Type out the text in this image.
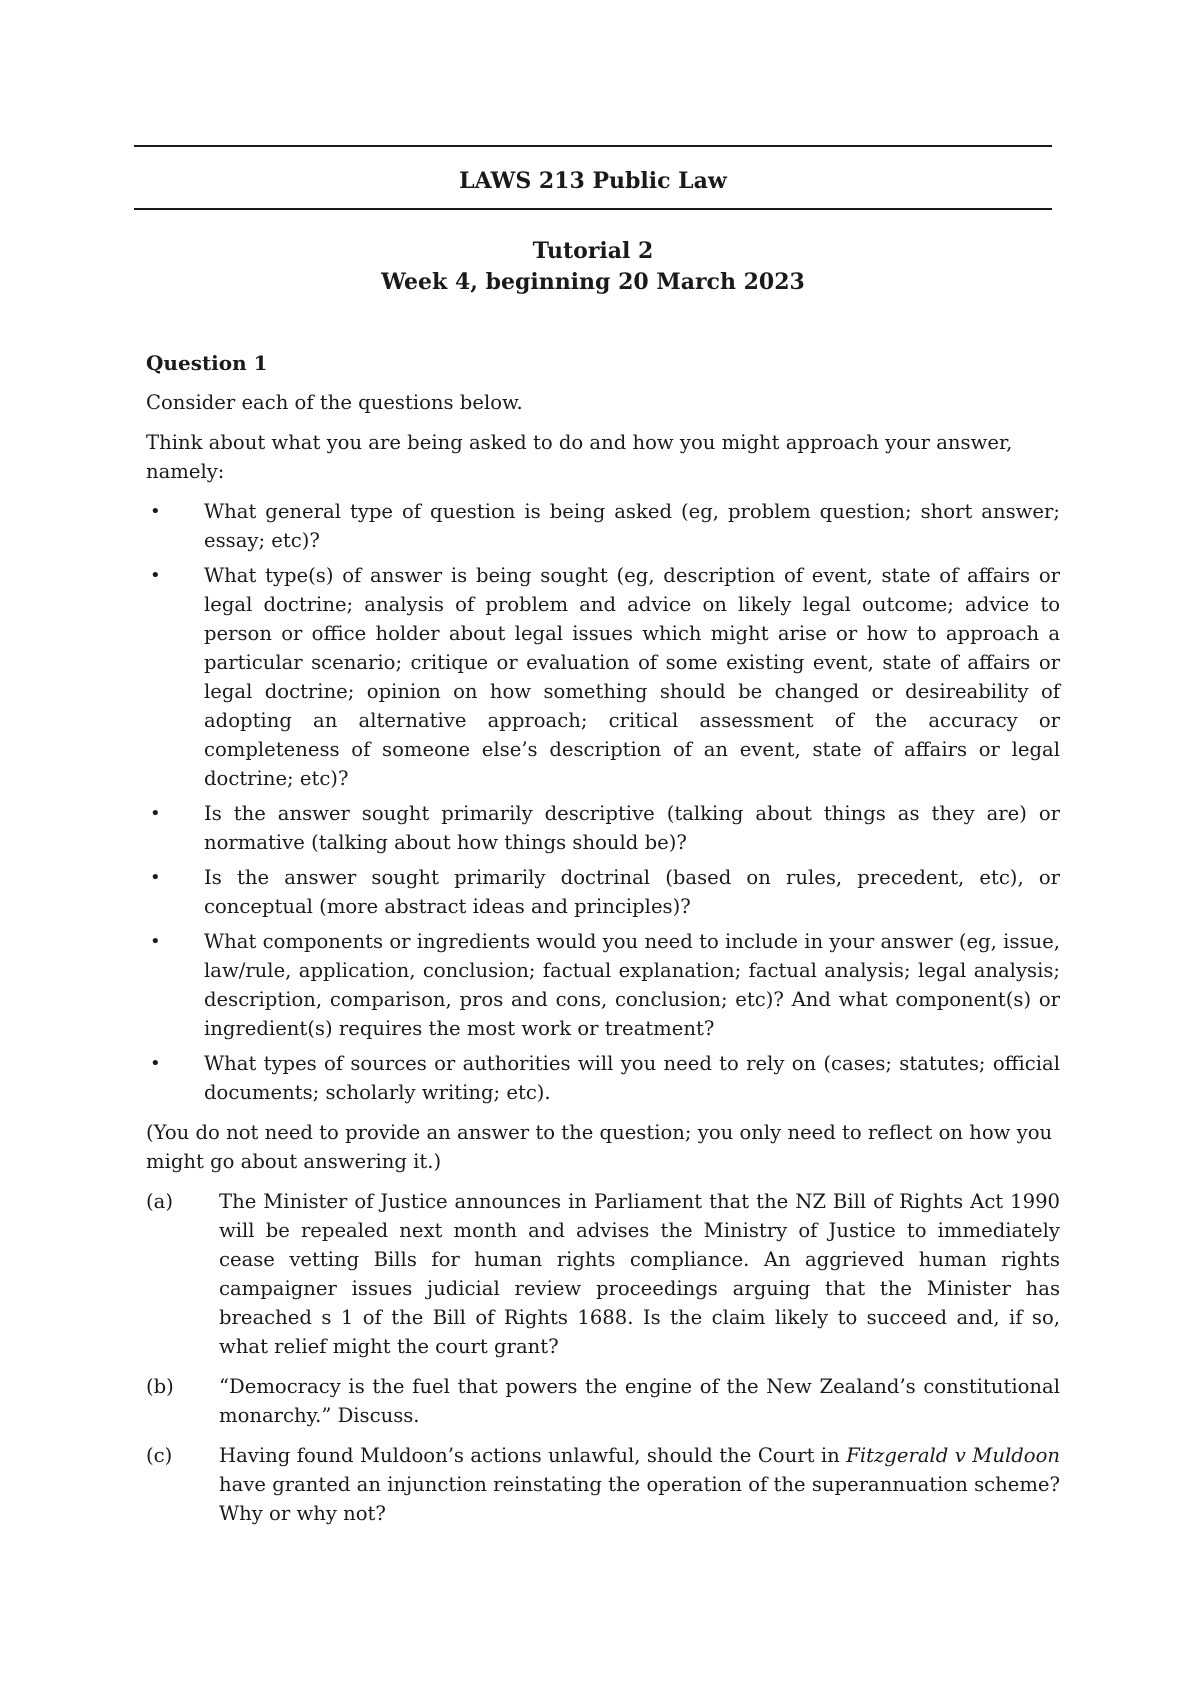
LAWS 213 Public Law
Tutorial 2
Week 4, beginning 20 March 2023
Question 1

Consider each of the questions below.

Think about what you are being asked to do and how you might approach your answer, namely:

• What general type of question is being asked (eg, problem question; short answer; essay; etc)?
• What type(s) of answer is being sought (eg, description of event, state of affairs or legal doctrine; analysis of problem and advice on likely legal outcome; advice to person or office holder about legal issues which might arise or how to approach a particular scenario; critique or evaluation of some existing event, state of affairs or legal doctrine; opinion on how something should be changed or desireability of adopting an alternative approach; critical assessment of the accuracy or completeness of someone else’s description of an event, state of affairs or legal doctrine; etc)?
• Is the answer sought primarily descriptive (talking about things as they are) or normative (talking about how things should be)?
• Is the answer sought primarily doctrinal (based on rules, precedent, etc), or conceptual (more abstract ideas and principles)?
• What components or ingredients would you need to include in your answer (eg, issue, law/rule, application, conclusion; factual explanation; factual analysis; legal analysis; description, comparison, pros and cons, conclusion; etc)? And what component(s) or ingredient(s) requires the most work or treatment?
• What types of sources or authorities will you need to rely on (cases; statutes; official documents; scholarly writing; etc).

(You do not need to provide an answer to the question; you only need to reflect on how you might go about answering it.)

(a) The Minister of Justice announces in Parliament that the NZ Bill of Rights Act 1990 will be repealed next month and advises the Ministry of Justice to immediately cease vetting Bills for human rights compliance. An aggrieved human rights campaigner issues judicial review proceedings arguing that the Minister has breached s 1 of the Bill of Rights 1688. Is the claim likely to succeed and, if so, what relief might the court grant?
(b) “Democracy is the fuel that powers the engine of the New Zealand’s constitutional monarchy.” Discuss.
(c) Having found Muldoon’s actions unlawful, should the Court in Fitzgerald v Muldoon have granted an injunction reinstating the operation of the superannuation scheme? Why or why not?
